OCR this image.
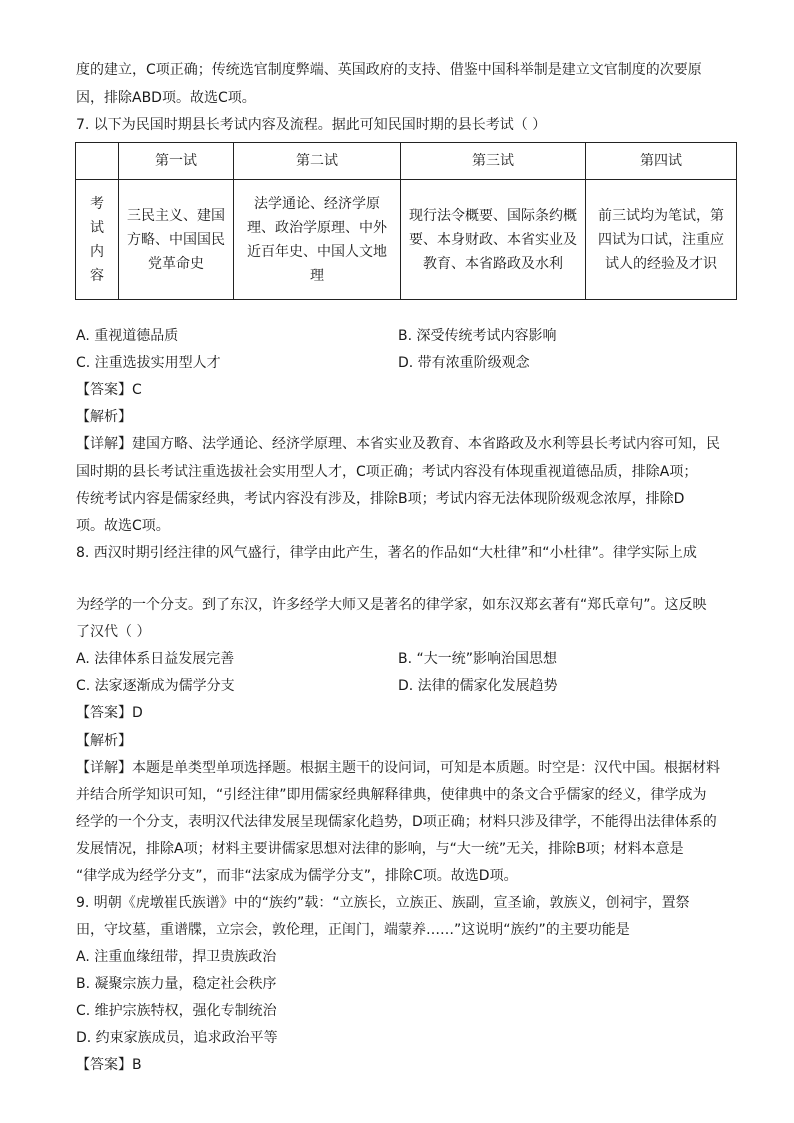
度的建立，C项正确；传统选官制度弊端、英国政府的支持、借鉴中国科举制是建立文官制度的次要原
因，排除ABD项。故选C项。
7. 以下为民国时期县长考试内容及流程。据此可知民国时期的县长考试（ ）
	第一试	第二试	第三试	第四试
考试内容	三民主义、建国方略、中国国民党革命史	法学通论、经济学原理、政治学原理、中外近百年史、中国人文地理	现行法令概要、国际条约概要、本身财政、本省实业及教育、本省路政及水利	前三试均为笔试，第四试为口试，注重应试人的经验及才识
A. 重视道德品质	B. 深受传统考试内容影响
C. 注重选拔实用型人才	D. 带有浓重阶级观念
【答案】C
【解析】
【详解】建国方略、法学通论、经济学原理、本省实业及教育、本省路政及水利等县长考试内容可知，民
国时期的县长考试注重选拔社会实用型人才，C项正确；考试内容没有体现重视道德品质，排除A项；
传统考试内容是儒家经典，考试内容没有涉及，排除B项；考试内容无法体现阶级观念浓厚，排除D
项。故选C项。
8. 西汉时期引经注律的风气盛行，律学由此产生，著名的作品如“大杜律”和“小杜律”。律学实际上成
为经学的一个分支。到了东汉，许多经学大师又是著名的律学家，如东汉郑玄著有“郑氏章句”。这反映
了汉代（ ）
A. 法律体系日益发展完善	B. “大一统”影响治国思想
C. 法家逐渐成为儒学分支	D. 法律的儒家化发展趋势
【答案】D
【解析】
【详解】本题是单类型单项选择题。根据主题干的设问词，可知是本质题。时空是：汉代中国。根据材料
并结合所学知识可知，“引经注律”即用儒家经典解释律典，使律典中的条文合乎儒家的经义，律学成为
经学的一个分支，表明汉代法律发展呈现儒家化趋势，D项正确；材料只涉及律学，不能得出法律体系的
发展情况，排除A项；材料主要讲儒家思想对法律的影响，与“大一统”无关，排除B项；材料本意是
“律学成为经学分支”，而非“法家成为儒学分支”，排除C项。故选D项。
9. 明朝《虎墩崔氏族谱》中的“族约”载：“立族长，立族正、族副，宣圣谕，敦族义，创祠宇，置祭
田，守坟墓，重谱牒，立宗会，敦伦理，正闺门，端蒙养……”这说明“族约”的主要功能是
A. 注重血缘纽带，捍卫贵族政治
B. 凝聚宗族力量，稳定社会秩序
C. 维护宗族特权，强化专制统治
D. 约束家族成员，追求政治平等
【答案】B
